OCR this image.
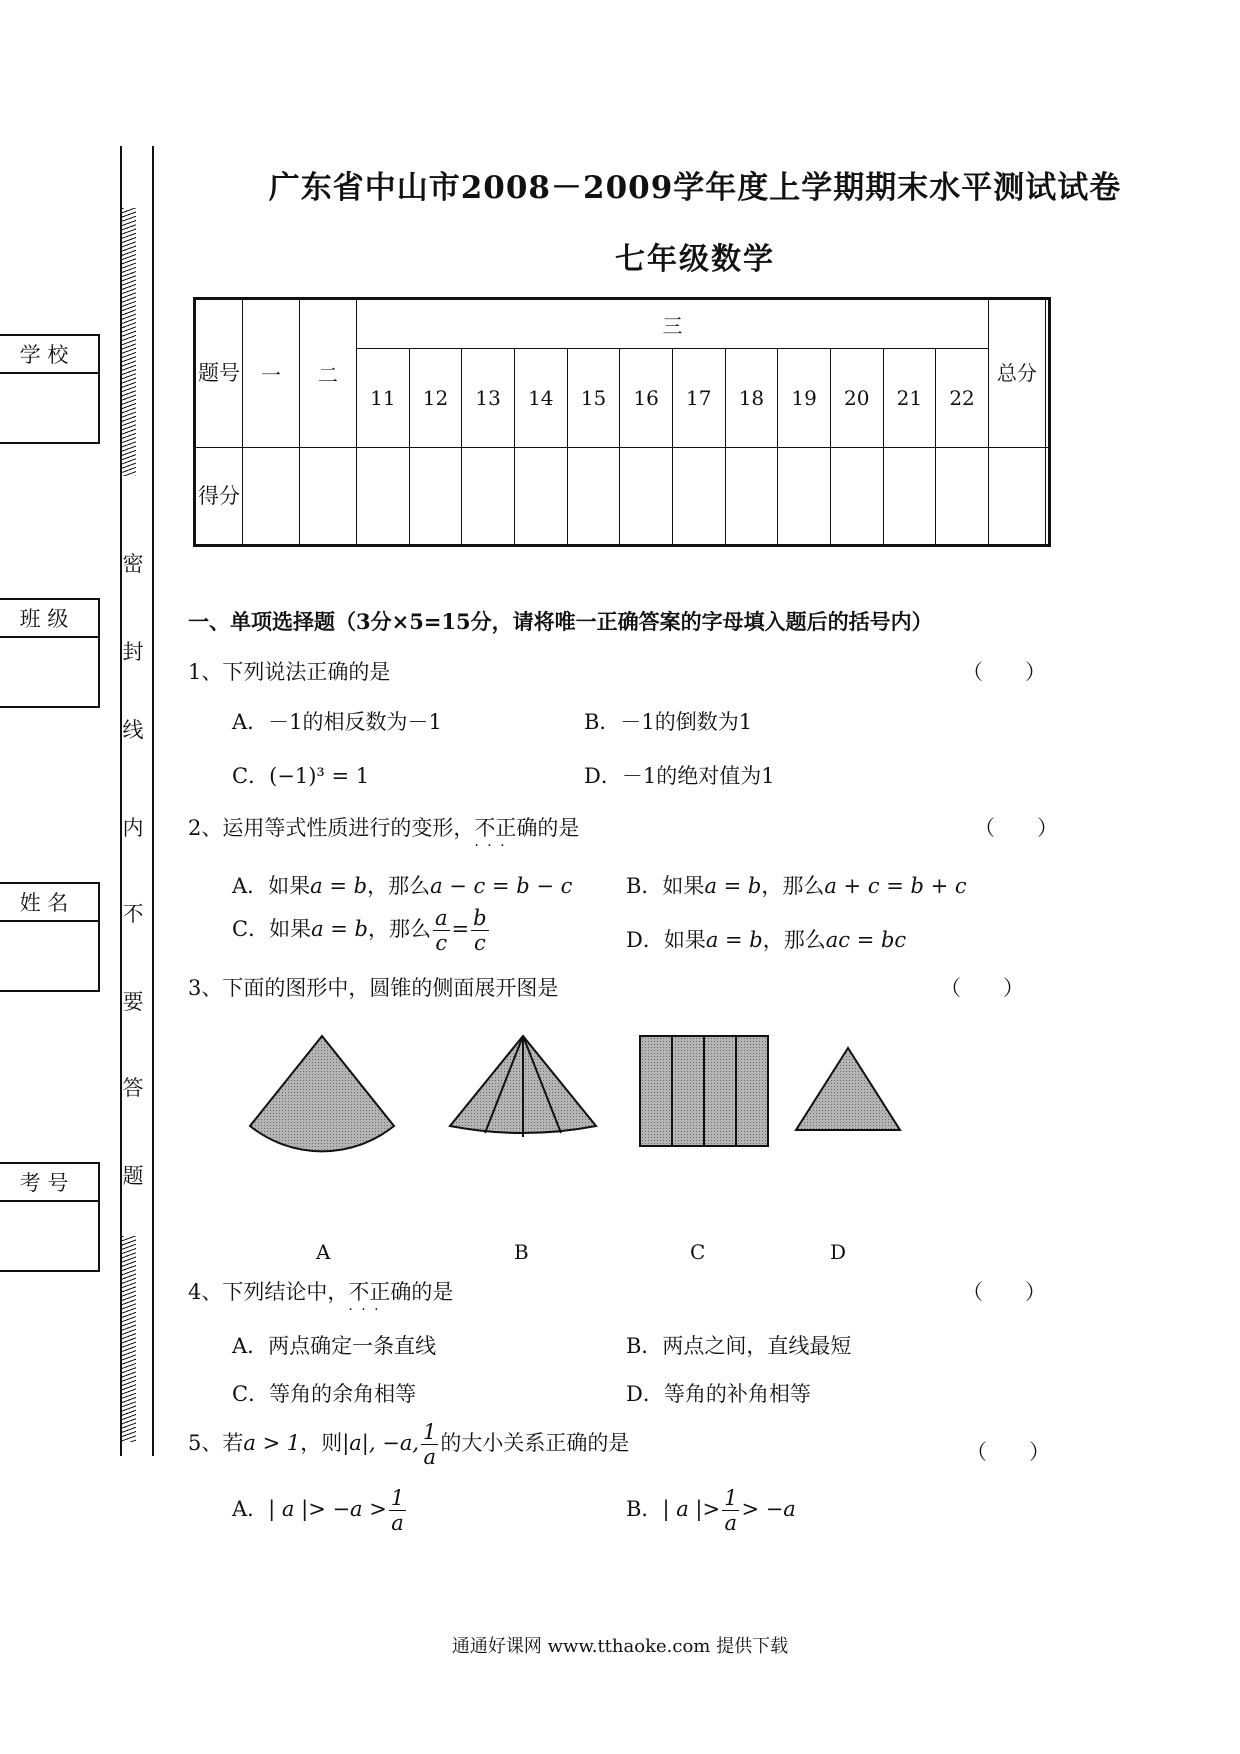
广东省中山市2008－2009学年度上学期期末水平测试试卷
七年级数学
学 校
班 级
姓 名
考 号
密
封
线
内
不
要
答
题
题号	一	二	三												总分	
			11	12	13	14	15	16	17	18	19	20	21	22		
得分																
一、单项选择题（3分×5=15分，请将唯一正确答案的字母填入题后的括号内）
1、下列说法正确的是	（　　）
A．－1的相反数为－1	B．－1的倒数为1
C．(−1)³ = 1	D．－1的绝对值为1
2、运用等式性质进行的变形，不正确 · · ·的是	（　　）
A．如果a = b，那么a − c = b − c	B．如果a = b，那么a + c = b + c
C．如果a = b，那么 $\frac{a}{c} = \frac{b}{c}$	D．如果a = b，那么ac = bc
3、下面的图形中，圆锥的侧面展开图是	（　　）
A	B	C	D
4、下列结论中，不正确 · · ·的是	（　　）
A．两点确定一条直线	B．两点之间，直线最短
C．等角的余角相等	D．等角的补角相等
5、若a > 1，则|a|, −a, $\frac{1}{a}$ 的大小关系正确的是	（　　）
A．| a |> $-a > \frac{1}{a}$	B．| a |> $\frac{1}{a} > -a$
通通好课网 www.tthaoke.com 提供下载
